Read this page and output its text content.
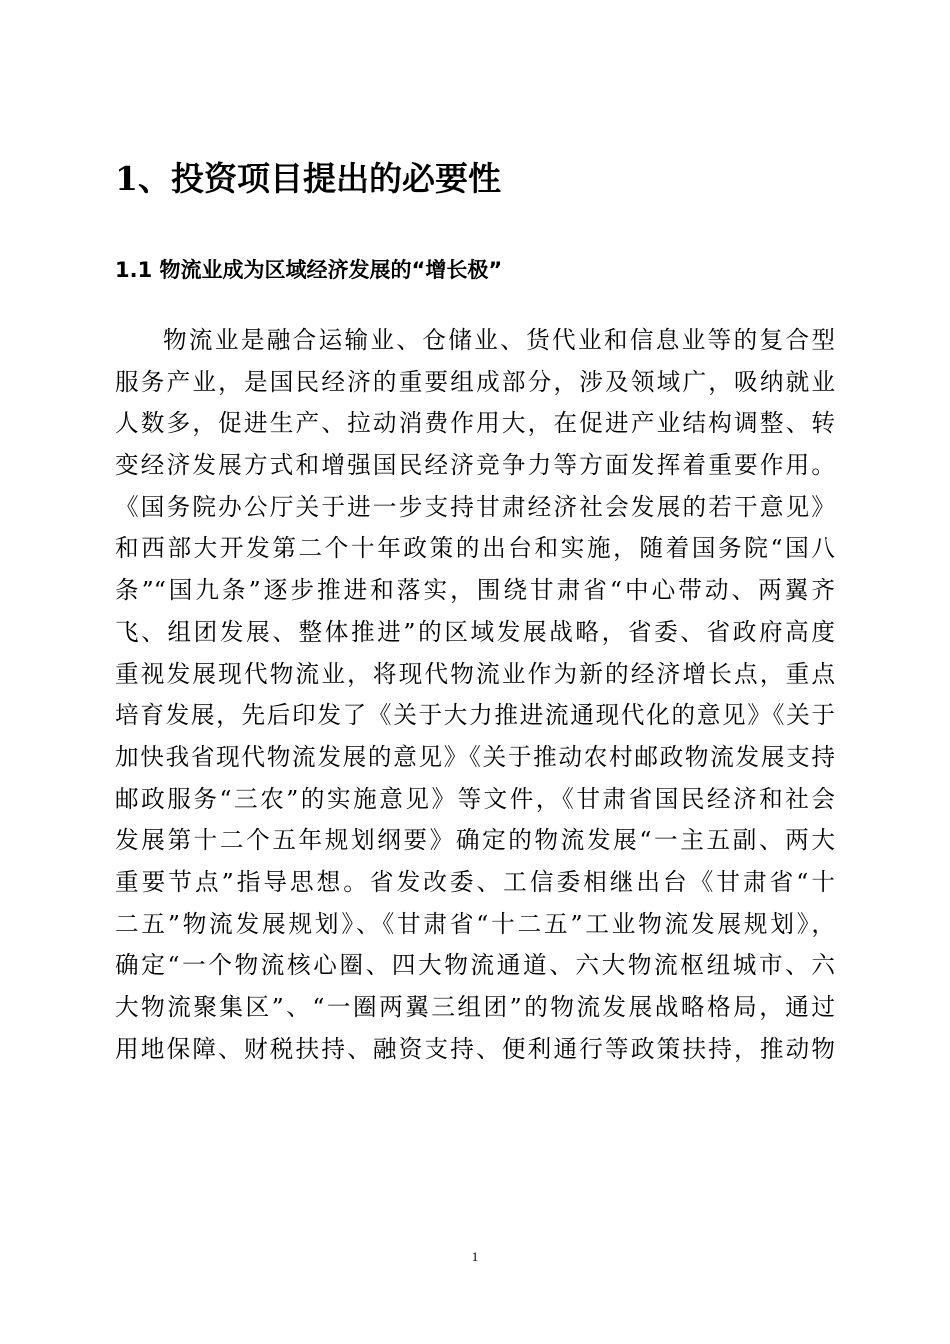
1、投资项目提出的必要性
1.1 物流业成为区域经济发展的“增长极”
物流业是融合运输业、仓储业、货代业和信息业等的复合型
服务产业，是国民经济的重要组成部分，涉及领域广，吸纳就业
人数多，促进生产、拉动消费作用大，在促进产业结构调整、转
变经济发展方式和增强国民经济竞争力等方面发挥着重要作用。
《国务院办公厅关于进一步支持甘肃经济社会发展的若干意见》
和西部大开发第二个十年政策的出台和实施，随着国务院“国八
条”“国九条”逐步推进和落实，围绕甘肃省“中心带动、两翼齐
飞、组团发展、整体推进”的区域发展战略，省委、省政府高度
重视发展现代物流业，将现代物流业作为新的经济增长点，重点
培育发展，先后印发了《关于大力推进流通现代化的意见》《关于
加快我省现代物流发展的意见》《关于推动农村邮政物流发展支持
邮政服务“三农”的实施意见》等文件，《甘肃省国民经济和社会
发展第十二个五年规划纲要》确定的物流发展“一主五副、两大
重要节点”指导思想。省发改委、工信委相继出台《甘肃省“十
二五”物流发展规划》、《甘肃省“十二五”工业物流发展规划》，
确定“一个物流核心圈、四大物流通道、六大物流枢纽城市、六
大物流聚集区”、“一圈两翼三组团”的物流发展战略格局，通过
用地保障、财税扶持、融资支持、便利通行等政策扶持，推动物
1
